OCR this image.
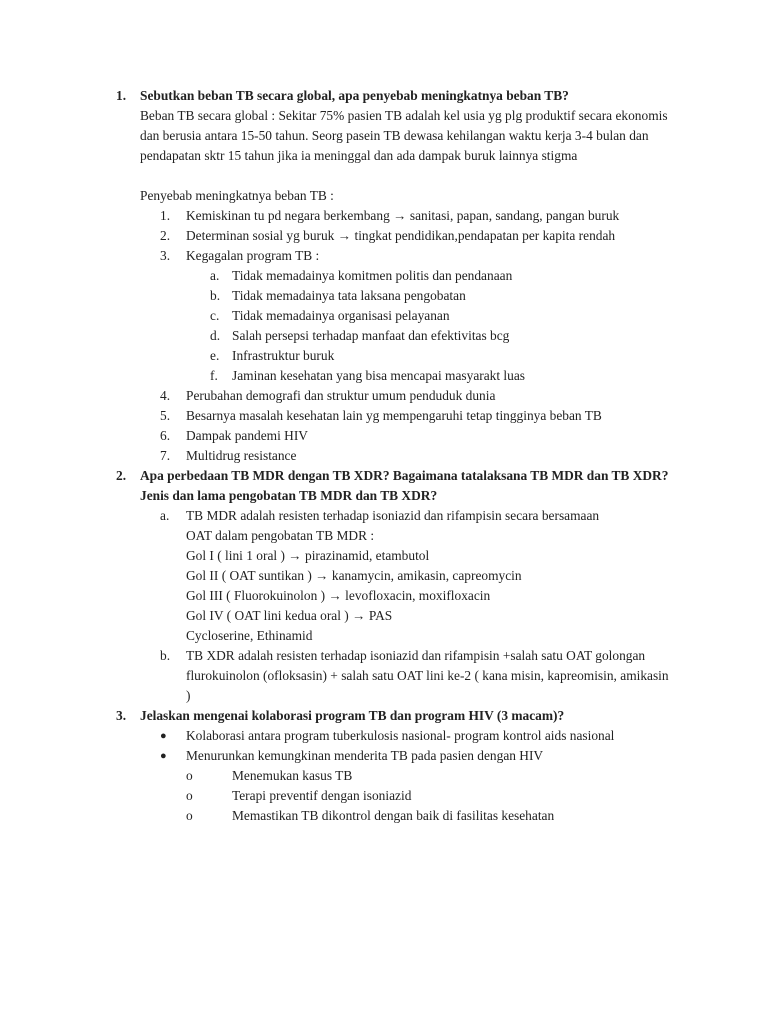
1. Sebutkan beban TB secara global, apa penyebab meningkatnya beban TB?

Beban TB secara global : Sekitar 75% pasien TB adalah kel usia yg plg produktif secara ekonomis dan berusia antara 15-50 tahun. Seorg pasein TB dewasa kehilangan waktu kerja 3-4 bulan dan pendapatan sktr 15 tahun jika ia meninggal dan ada dampak buruk lainnya stigma

Penyebab meningkatnya beban TB :

1. Kemiskinan tu pd negara berkembang → sanitasi, papan, sandang, pangan buruk
2. Determinan sosial yg buruk → tingkat pendidikan,pendapatan per kapita rendah
3. Kegagalan program TB :
a. Tidak memadainya komitmen politis dan pendanaan
b. Tidak memadainya tata laksana pengobatan
c. Tidak memadainya organisasi pelayanan
d. Salah persepsi terhadap manfaat dan efektivitas bcg
e. Infrastruktur buruk
f. Jaminan kesehatan yang bisa mencapai masyarakt luas
4. Perubahan demografi dan struktur umum penduduk dunia
5. Besarnya masalah kesehatan lain yg mempengaruhi tetap tingginya beban TB
6. Dampak pandemi HIV
7. Multidrug resistance
2. Apa perbedaan TB MDR dengan TB XDR? Bagaimana tatalaksana TB MDR dan TB XDR? Jenis dan lama pengobatan TB MDR dan TB XDR?
a. TB MDR adalah resisten terhadap isoniazid dan rifampisin secara bersamaan
OAT dalam pengobatan TB MDR :
Gol I ( lini 1 oral ) → pirazinamid, etambutol
Gol II ( OAT suntikan ) → kanamycin, amikasin, capreomycin
Gol III ( Fluorokuinolon ) → levofloxacin, moxifloxacin
Gol IV ( OAT lini kedua oral ) → PAS
Cycloserine, Ethinamid
b. TB XDR adalah resisten terhadap isoniazid dan rifampisin +salah satu OAT golongan flurokuinolon (ofloksasin) + salah satu OAT lini ke-2 ( kana misin, kapreomisin, amikasin )
3. Jelaskan mengenai kolaborasi program TB dan program HIV (3 macam)?
● Kolaborasi antara program tuberkulosis nasional- program kontrol aids nasional
● Menurunkan kemungkinan menderita TB pada pasien dengan HIV
o	Menemukan kasus TB
o	Terapi preventif dengan isoniazid
o	Memastikan TB dikontrol dengan baik di fasilitas kesehatan
